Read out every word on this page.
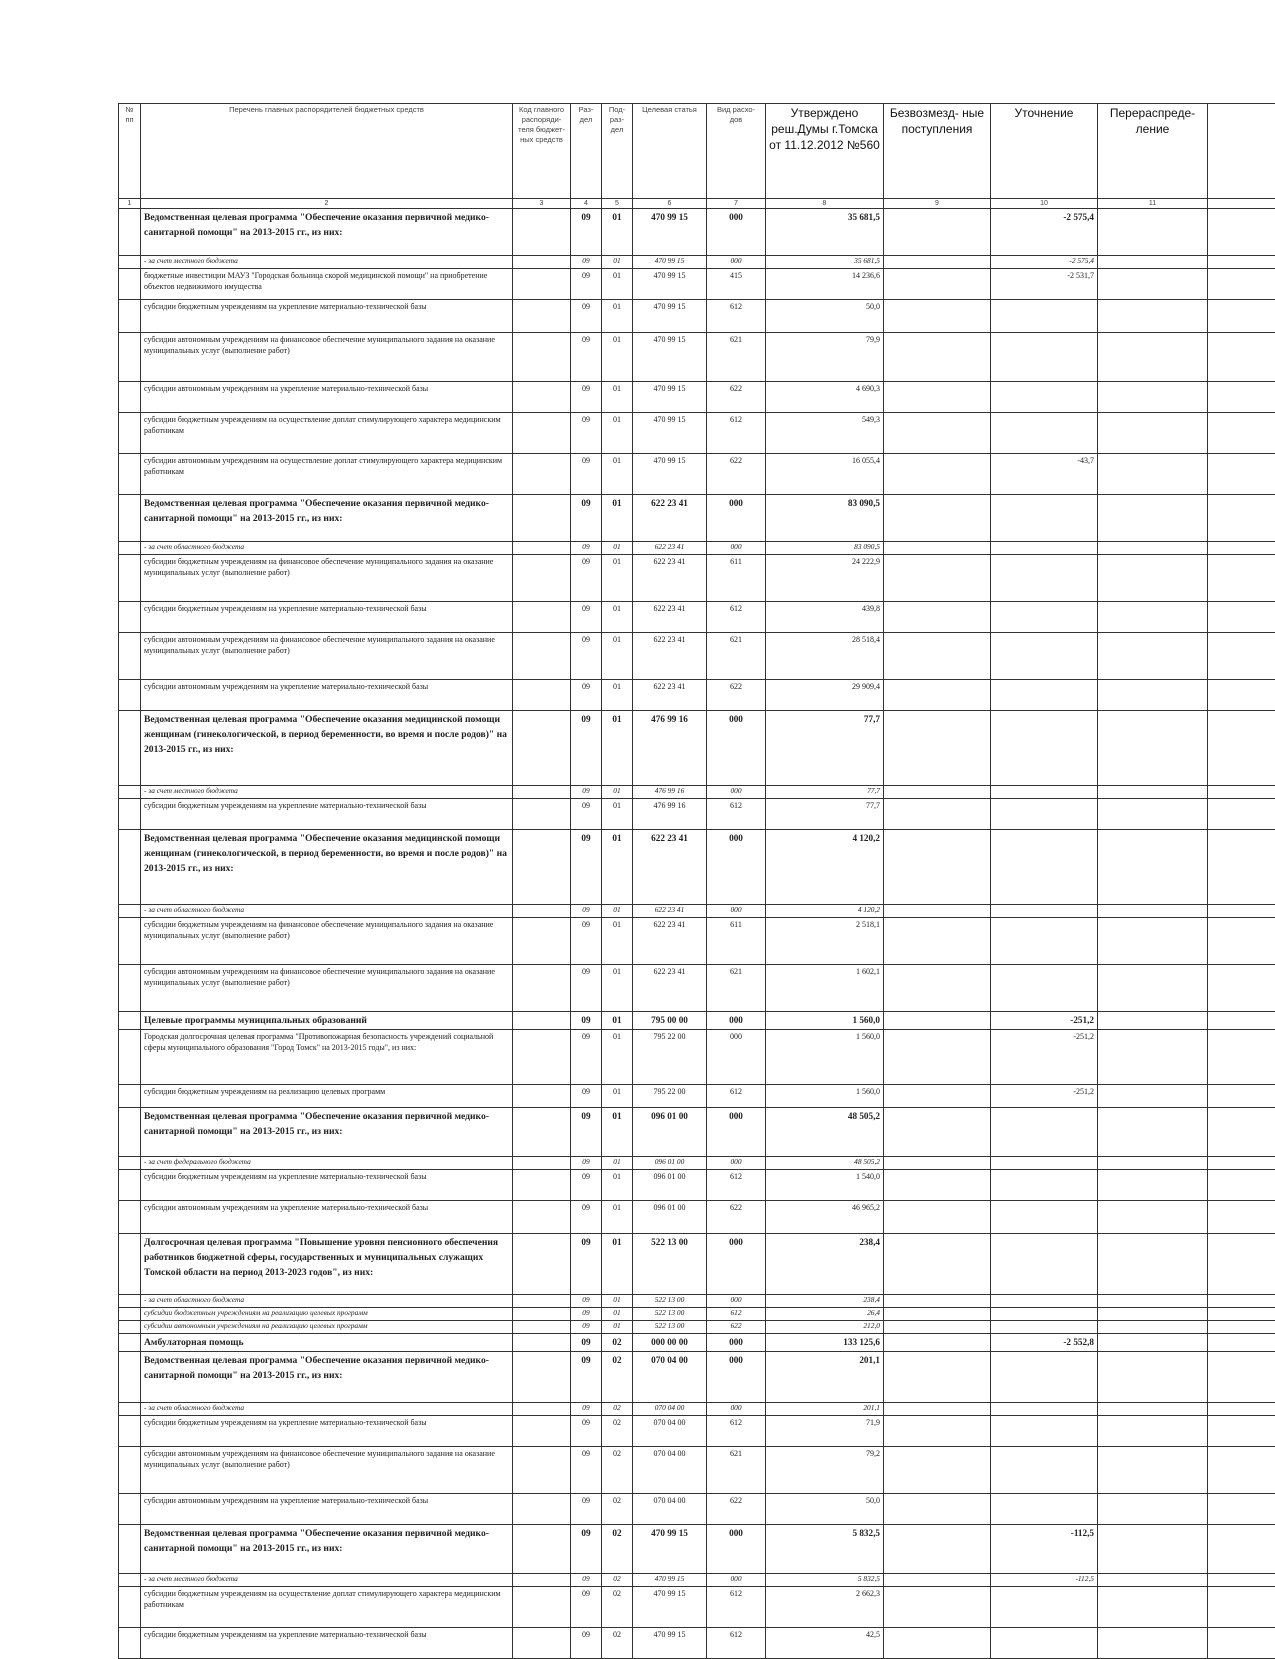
№ пп	Перечень главных распорядителей бюджетных средств	Код главного распоряди- теля бюджет- ных средств	Раз- дел	Под- раз- дел	Целевая статья	Вид расхо- дов	Утверждено реш.Думы г.Томска от 11.12.2012 №560	Безвозмезд- ные поступления	Уточнение	Перераспреде- ление	
1	2	3	4	5	6	7	8	9	10	11	
	Ведомственная целевая программа "Обеспечение оказания первичной медико-санитарной помощи" на 2013-2015 гг., из них:		09	01	470 99 15	000	35 681,5		-2 575,4		
	- за счет местного бюджета		09	01	470 99 15	000	35 681,5		-2 575,4		
	бюджетные инвестиции МАУЗ "Городская больница скорой медицинской помощи" на приобретение объектов недвижимого имущества		09	01	470 99 15	415	14 236,6		-2 531,7		
	субсидии бюджетным учреждениям на укрепление материально-технической базы		09	01	470 99 15	612	50,0				
	субсидии автономным учреждениям на финансовое обеспечение муниципального задания на оказание муниципальных услуг (выполнение работ)		09	01	470 99 15	621	79,9				
	субсидии автономным учреждениям на укрепление материально-технической базы		09	01	470 99 15	622	4 690,3				
	субсидии бюджетным учреждениям на осуществление доплат стимулирующего характера медицинским работникам		09	01	470 99 15	612	549,3				
	субсидии автономным учреждениям на осуществление доплат стимулирующего характера медицинским работникам		09	01	470 99 15	622	16 055,4		-43,7		
	Ведомственная целевая программа "Обеспечение оказания первичной медико-санитарной помощи" на 2013-2015 гг., из них:		09	01	622 23 41	000	83 090,5				
	- за счет областного бюджета		09	01	622 23 41	000	83 090,5				
	субсидии бюджетным учреждениям на финансовое обеспечение муниципального задания на оказание муниципальных услуг (выполнение работ)		09	01	622 23 41	611	24 222,9				
	субсидии бюджетным учреждениям на укрепление материально-технической базы		09	01	622 23 41	612	439,8				
	субсидии автономным учреждениям на финансовое обеспечение муниципального задания на оказание муниципальных услуг (выполнение работ)		09	01	622 23 41	621	28 518,4				
	субсидии автономным учреждениям на укрепление материально-технической базы		09	01	622 23 41	622	29 909,4				
	Ведомственная целевая программа "Обеспечение оказания медицинской помощи женщинам (гинекологической, в период беременности, во время и после родов)" на 2013-2015 гг., из них:		09	01	476 99 16	000	77,7				
	- за счет местного бюджета		09	01	476 99 16	000	77,7				
	субсидии бюджетным учреждениям на укрепление материально-технической базы		09	01	476 99 16	612	77,7				
	Ведомственная целевая программа "Обеспечение оказания медицинской помощи женщинам (гинекологической, в период беременности, во время и после родов)" на 2013-2015 гг., из них:		09	01	622 23 41	000	4 120,2				
	- за счет областного бюджета		09	01	622 23 41	000	4 120,2				
	субсидии бюджетным учреждениям на финансовое обеспечение муниципального задания на оказание муниципальных услуг (выполнение работ)		09	01	622 23 41	611	2 518,1				
	субсидии автономным учреждениям на финансовое обеспечение муниципального задания на оказание муниципальных услуг (выполнение работ)		09	01	622 23 41	621	1 602,1				
	Целевые программы муниципальных образований		09	01	795 00 00	000	1 560,0		-251,2		
	Городская долгосрочная целевая программа "Противопожарная безопасность учреждений социальной сферы муниципального образования "Город Томск" на 2013-2015 годы", из них:		09	01	795 22 00	000	1 560,0		-251,2		
	субсидии бюджетным учреждениям на реализацию целевых программ		09	01	795 22 00	612	1 560,0		-251,2		
	Ведомственная целевая программа "Обеспечение оказания первичной медико-санитарной помощи" на 2013-2015 гг., из них:		09	01	096 01 00	000	48 505,2				
	- за счет федерального бюджета		09	01	096 01 00	000	48 505,2				
	субсидии бюджетным учреждениям на укрепление материально-технической базы		09	01	096 01 00	612	1 540,0				
	субсидии автономным учреждениям на укрепление материально-технической базы		09	01	096 01 00	622	46 965,2				
	Долгосрочная целевая программа "Повышение уровня пенсионного обеспечения работников бюджетной сферы, государственных и муниципальных служащих Томской области на период 2013-2023 годов", из них:		09	01	522 13 00	000	238,4				
	- за счет областного бюджета		09	01	522 13 00	000	238,4				
	субсидии бюджетным учреждениям на реализацию целевых программ		09	01	522 13 00	612	26,4				
	субсидии автономным учреждениям на реализацию целевых программ		09	01	522 13 00	622	212,0				
	Амбулаторная помощь		09	02	000 00 00	000	133 125,6		-2 552,8		
	Ведомственная целевая программа "Обеспечение оказания первичной медико-санитарной помощи" на 2013-2015 гг., из них:		09	02	070 04 00	000	201,1				
	- за счет областного бюджета		09	02	070 04 00	000	201,1				
	субсидии бюджетным учреждениям на укрепление материально-технической базы		09	02	070 04 00	612	71,9				
	субсидии автономным учреждениям на финансовое обеспечение муниципального задания на оказание муниципальных услуг (выполнение работ)		09	02	070 04 00	621	79,2				
	субсидии автономным учреждениям на укрепление материально-технической базы		09	02	070 04 00	622	50,0				
	Ведомственная целевая программа "Обеспечение оказания первичной медико-санитарной помощи" на 2013-2015 гг., из них:		09	02	470 99 15	000	5 832,5		-112,5		
	- за счет местного бюджета		09	02	470 99 15	000	5 832,5		-112,5		
	субсидии бюджетным учреждениям на осуществление доплат стимулирующего характера медицинским работникам		09	02	470 99 15	612	2 662,3				
	субсидии бюджетным учреждениям на укрепление материально-технической базы		09	02	470 99 15	612	42,5				
